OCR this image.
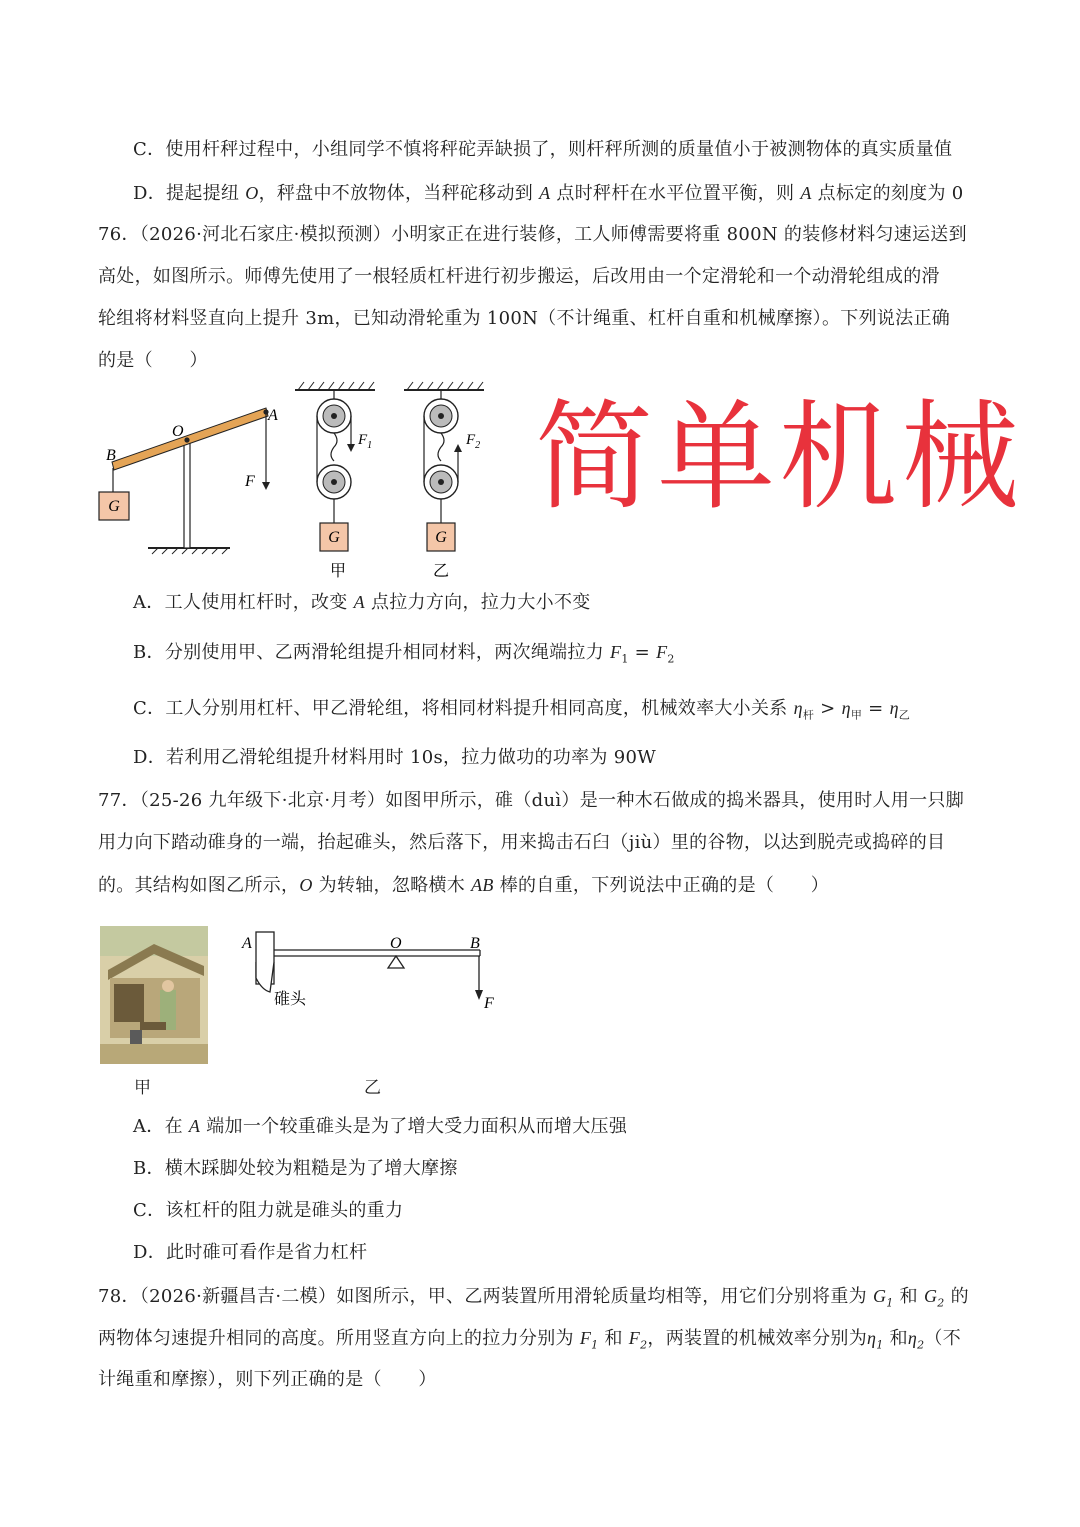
C．使用杆秤过程中，小组同学不慎将秤砣弄缺损了，则杆秤所测的质量值小于被测物体的真实质量值
D．提起提纽 O，秤盘中不放物体，当秤砣移动到 A 点时秤杆在水平位置平衡，则 A 点标定的刻度为 0
76．（2026·河北石家庄·模拟预测）小明家正在进行装修，工人师傅需要将重 800N 的装修材料匀速运送到
高处，如图所示。师傅先使用了一根轻质杠杆进行初步搬运，后改用由一个定滑轮和一个动滑轮组成的滑
轮组将材料竖直向上提升 3m，已知动滑轮重为 100N（不计绳重、杠杆自重和机械摩擦）。下列说法正确
的是（　　）
G
B
O
A
F
G
$F_1$
甲
G
$F_2$
乙
简单机械
A．工人使用杠杆时，改变 A 点拉力方向，拉力大小不变
B．分别使用甲、乙两滑轮组提升相同材料，两次绳端拉力 $F_1 = F_2$
C．工人分别用杠杆、甲乙滑轮组，将相同材料提升相同高度，机械效率大小关系 $\eta_杆 > \eta_甲 = \eta_乙$
D．若利用乙滑轮组提升材料用时 10s，拉力做功的功率为 90W
77．（25-26 九年级下·北京·月考）如图甲所示，碓（duì）是一种木石做成的捣米器具，使用时人用一只脚
用力向下踏动碓身的一端，抬起碓头，然后落下，用来捣击石臼（jiù）里的谷物，以达到脱壳或捣碎的目
的。其结构如图乙所示，O 为转轴，忽略横木 AB 棒的自重，下列说法中正确的是（　　）
甲
A	O	B
F
碓头
乙
A．在 A 端加一个较重碓头是为了增大受力面积从而增大压强
B．横木踩脚处较为粗糙是为了增大摩擦
C．该杠杆的阻力就是碓头的重力
D．此时碓可看作是省力杠杆
78．（2026·新疆昌吉·二模）如图所示，甲、乙两装置所用滑轮质量均相等，用它们分别将重为 $G_1$ 和 $G_2$ 的
两物体匀速提升相同的高度。所用竖直方向上的拉力分别为 $F_1$ 和 $F_2$，两装置的机械效率分别为$\eta_1$ 和$\eta_2$（不
计绳重和摩擦），则下列正确的是（　　）
